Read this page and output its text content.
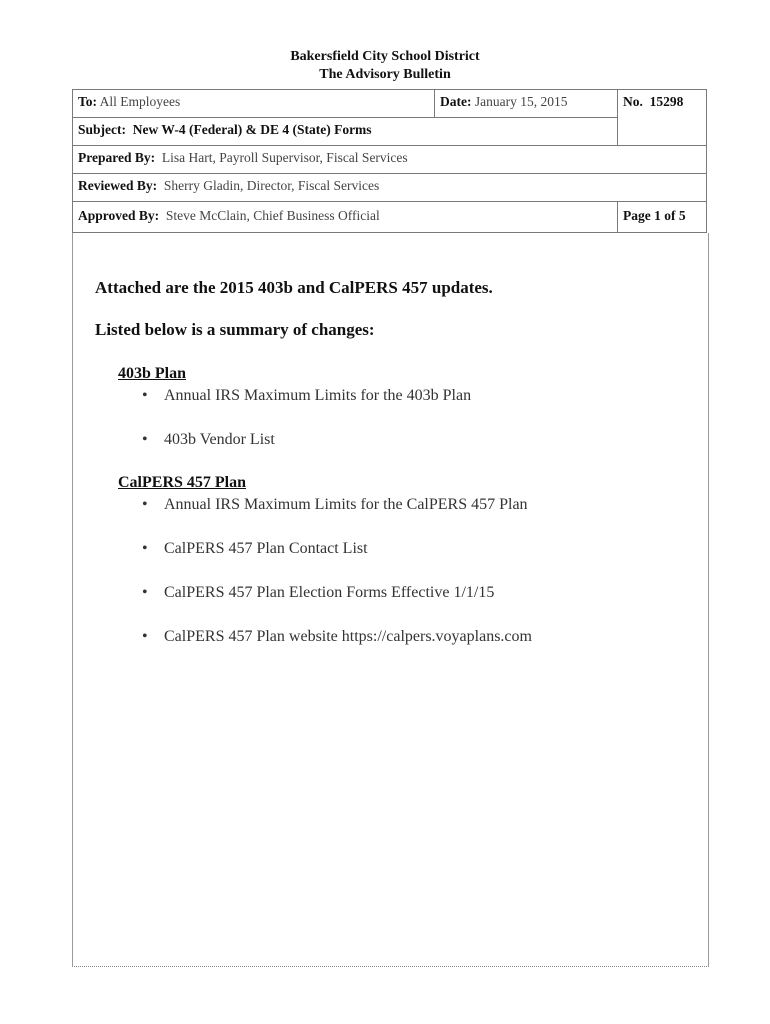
Bakersfield City School District
The Advisory Bulletin
To: All Employees	Date: January 15, 2015	No. 15298
Subject: New W-4 (Federal) & DE 4 (State) Forms
Prepared By: Lisa Hart, Payroll Supervisor, Fiscal Services
Reviewed By: Sherry Gladin, Director, Fiscal Services
Approved By: Steve McClain, Chief Business Official	Page 1 of 5
Attached are the 2015 403b and CalPERS 457 updates.
Listed below is a summary of changes:
403b Plan
• Annual IRS Maximum Limits for the 403b Plan
• 403b Vendor List
CalPERS 457 Plan
• Annual IRS Maximum Limits for the CalPERS 457 Plan
• CalPERS 457 Plan Contact List
• CalPERS 457 Plan Election Forms Effective 1/1/15
• CalPERS 457 Plan website https://calpers.voyaplans.com
